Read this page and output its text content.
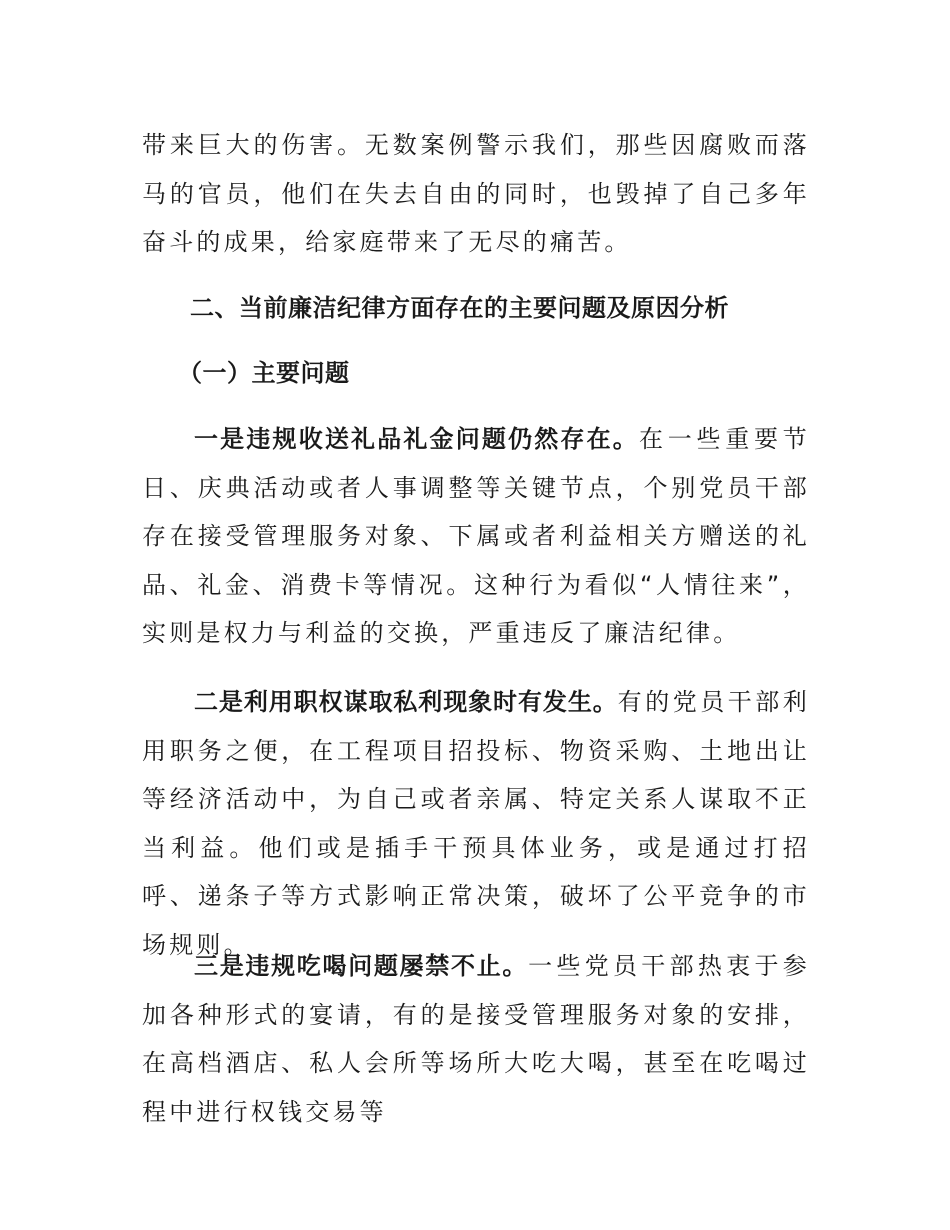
带来巨大的伤害。无数案例警示我们，那些因腐败而落马的官员，他们在失去自由的同时，也毁掉了自己多年奋斗的成果，给家庭带来了无尽的痛苦。

二、当前廉洁纪律方面存在的主要问题及原因分析
（一）主要问题

一是违规收送礼品礼金问题仍然存在。在一些重要节日、庆典活动或者人事调整等关键节点，个别党员干部存在接受管理服务对象、下属或者利益相关方赠送的礼品、礼金、消费卡等情况。这种行为看似“人情往来”，实则是权力与利益的交换，严重违反了廉洁纪律。

二是利用职权谋取私利现象时有发生。有的党员干部利用职务之便，在工程项目招投标、物资采购、土地出让等经济活动中，为自己或者亲属、特定关系人谋取不正当利益。他们或是插手干预具体业务，或是通过打招呼、递条子等方式影响正常决策，破坏了公平竞争的市场规则。

三是违规吃喝问题屡禁不止。一些党员干部热衷于参加各种形式的宴请，有的是接受管理服务对象的安排，在高档酒店、私人会所等场所大吃大喝，甚至在吃喝过程中进行权钱交易等
